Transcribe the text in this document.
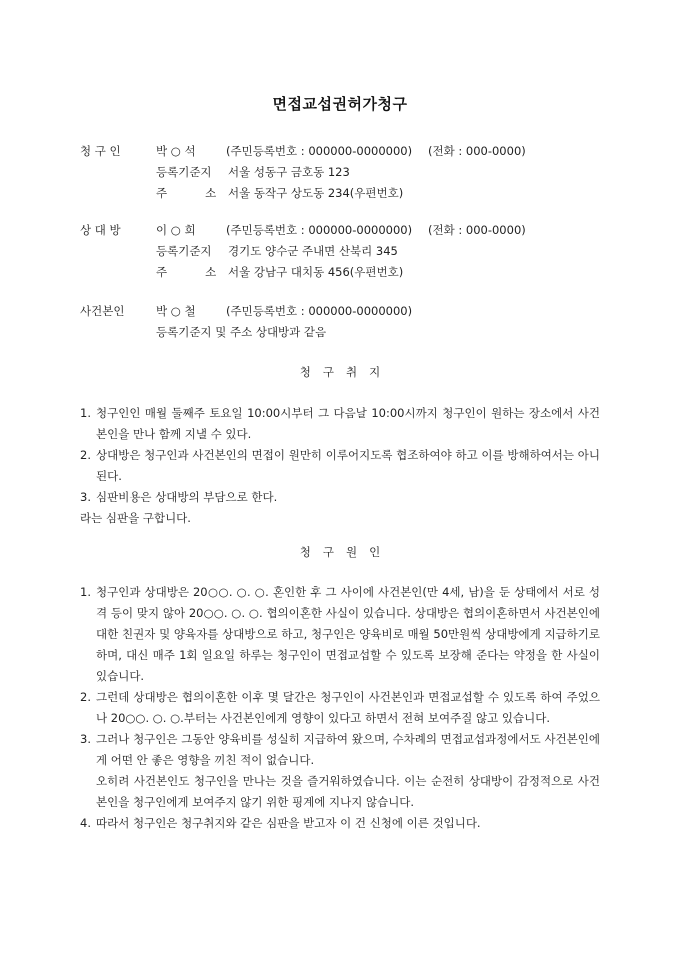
면접교섭권허가청구
청 구 인	박 ○ 석	(주민등록번호 : 000000-0000000) (전화 : 000-0000)
등록기준지 서울 성동구 금호동 123
주	소	서울 동작구 상도동 234(우편번호)
상 대 방	이 ○ 희	(주민등록번호 : 000000-0000000) (전화 : 000-0000)
등록기준지 경기도 양수군 주내면 산북리 345
주	소	서울 강남구 대치동 456(우편번호)
사건본인	박 ○ 철	(주민등록번호 : 000000-0000000)
등록기준지 및 주소 상대방과 같음
청 구 취 지
1. 청구인인 매월 둘째주 토요일 10:00시부터 그 다음날 10:00시까지 청구인이 원하는 장소에서 사건본인을 만나 함께 지낼 수 있다.
2. 상대방은 청구인과 사건본인의 면접이 원만히 이루어지도록 협조하여야 하고 이를 방해하여서는 아니된다.
3. 심판비용은 상대방의 부담으로 한다.
라는 심판을 구합니다.
청 구 원 인
1. 청구인과 상대방은 20○○. ○. ○. 혼인한 후 그 사이에 사건본인(만 4세, 남)을 둔 상태에서 서로 성격 등이 맞지 않아 20○○. ○. ○. 협의이혼한 사실이 있습니다. 상대방은 협의이혼하면서 사건본인에 대한 친권자 및 양육자를 상대방으로 하고, 청구인은 양육비로 매월 50만원씩 상대방에게 지급하기로 하며, 대신 매주 1회 일요일 하루는 청구인이 면접교섭할 수 있도록 보장해 준다는 약정을 한 사실이 있습니다.
2. 그런데 상대방은 협의이혼한 이후 몇 달간은 청구인이 사건본인과 면접교섭할 수 있도록 하여 주었으나 20○○. ○. ○.부터는 사건본인에게 영향이 있다고 하면서 전혀 보여주질 않고 있습니다.
3. 그러나 청구인은 그동안 양육비를 성실히 지급하여 왔으며, 수차례의 면접교섭과정에서도 사건본인에게 어떤 안 좋은 영향을 끼친 적이 없습니다.
오히려 사건본인도 청구인을 만나는 것을 즐거워하였습니다. 이는 순전히 상대방이 감정적으로 사건본인을 청구인에게 보여주지 않기 위한 핑계에 지나지 않습니다.
4. 따라서 청구인은 청구취지와 같은 심판을 받고자 이 건 신청에 이른 것입니다.
